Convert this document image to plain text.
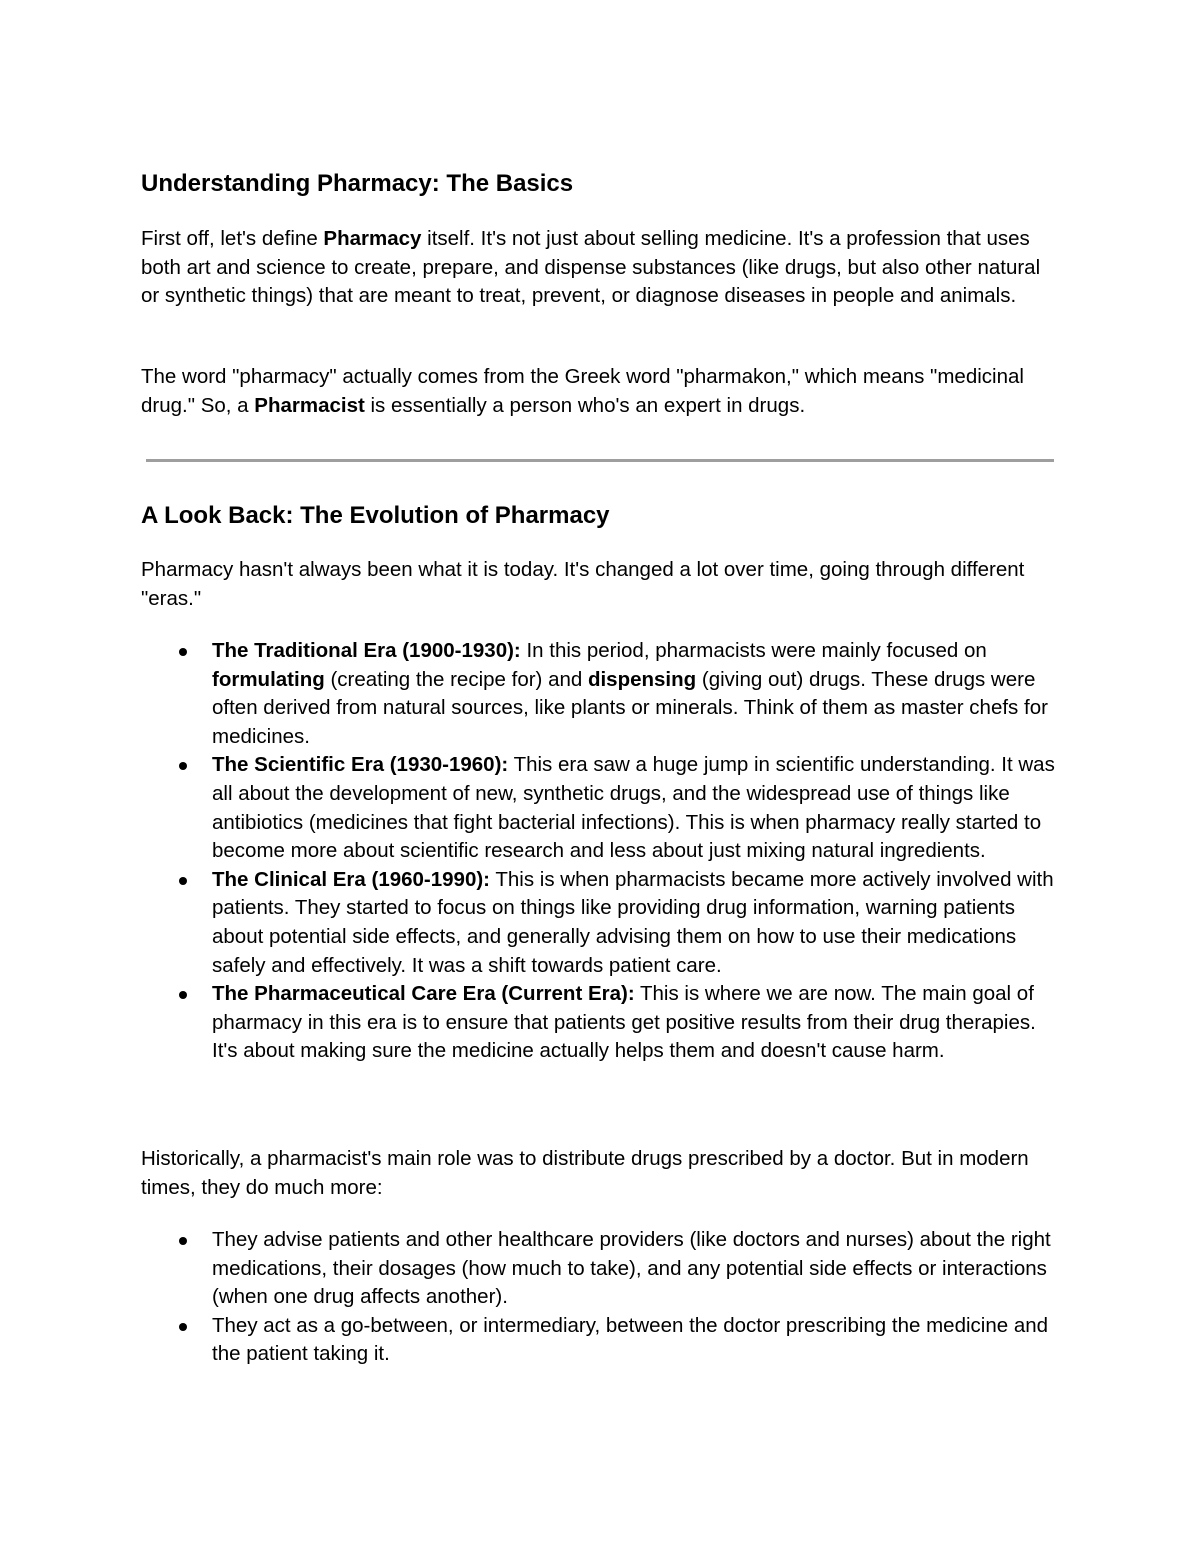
Understanding Pharmacy: The Basics

First off, let's define Pharmacy itself. It's not just about selling medicine. It's a profession that uses both art and science to create, prepare, and dispense substances (like drugs, but also other natural or synthetic things) that are meant to treat, prevent, or diagnose diseases in people and animals.

The word "pharmacy" actually comes from the Greek word "pharmakon," which means "medicinal drug." So, a Pharmacist is essentially a person who's an expert in drugs.

A Look Back: The Evolution of Pharmacy

Pharmacy hasn't always been what it is today. It's changed a lot over time, going through different "eras."

The Traditional Era (1900-1930): In this period, pharmacists were mainly focused on formulating (creating the recipe for) and dispensing (giving out) drugs. These drugs were often derived from natural sources, like plants or minerals. Think of them as master chefs for medicines.
The Scientific Era (1930-1960): This era saw a huge jump in scientific understanding. It was all about the development of new, synthetic drugs, and the widespread use of things like antibiotics (medicines that fight bacterial infections). This is when pharmacy really started to become more about scientific research and less about just mixing natural ingredients.
The Clinical Era (1960-1990): This is when pharmacists became more actively involved with patients. They started to focus on things like providing drug information, warning patients about potential side effects, and generally advising them on how to use their medications safely and effectively. It was a shift towards patient care.
The Pharmaceutical Care Era (Current Era): This is where we are now. The main goal of pharmacy in this era is to ensure that patients get positive results from their drug therapies. It's about making sure the medicine actually helps them and doesn't cause harm.

Historically, a pharmacist's main role was to distribute drugs prescribed by a doctor. But in modern times, they do much more:

They advise patients and other healthcare providers (like doctors and nurses) about the right medications, their dosages (how much to take), and any potential side effects or interactions (when one drug affects another).
They act as a go-between, or intermediary, between the doctor prescribing the medicine and the patient taking it.
